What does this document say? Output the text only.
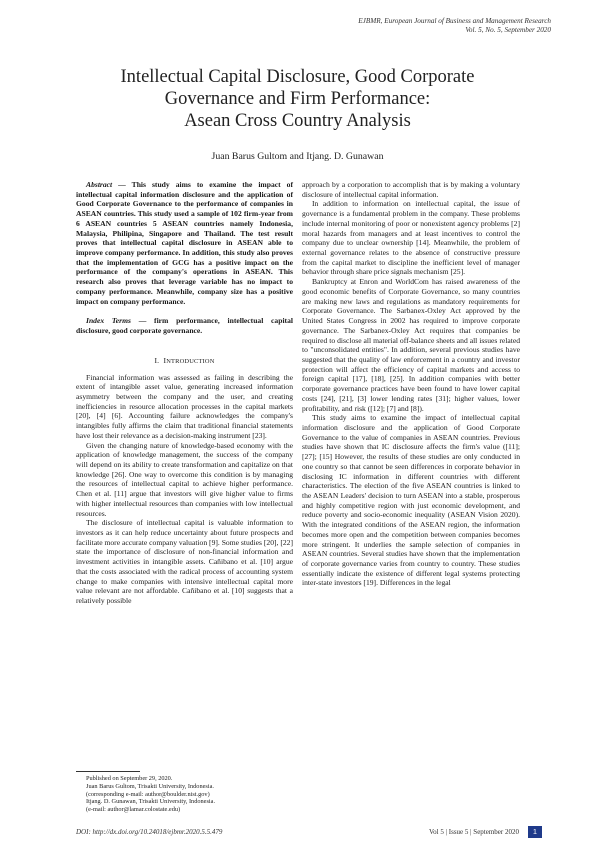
EJBMR, European Journal of Business and Management Research
Vol. 5, No. 5, September 2020
Intellectual Capital Disclosure, Good Corporate
Governance and Firm Performance:
Asean Cross Country Analysis
Juan Barus Gultom and Itjang. D. Gunawan

Abstract — This study aims to examine the impact of intellectual capital information disclosure and the application of Good Corporate Governance to the performance of companies in ASEAN countries. This study used a sample of 102 firm-year from 6 ASEAN countries 5 ASEAN countries namely Indonesia, Malaysia, Philipina, Singapore and Thailand. The test result proves that intellectual capital disclosure in ASEAN able to improve company performance. In addition, this study also proves that the implementation of GCG has a positive impact on the performance of the company's operations in ASEAN. This research also proves that leverage variable has no impact to company performance. Meanwhile, company size has a positive impact on company performance.

Index Terms — firm performance, intellectual capital disclosure, good corporate governance.

I. INTRODUCTION

Financial information was assessed as failing in describing the extent of intangible asset value, generating increased information asymmetry between the company and the user, and creating inefficiencies in resource allocation processes in the capital markets [20], [4] [6]. Accounting failure acknowledges the company's intangibles fully affirms the claim that traditional financial statements have lost their relevance as a decision-making instrument [23].

Given the changing nature of knowledge-based economy with the application of knowledge management, the success of the company will depend on its ability to create transformation and capitalize on that knowledge [26]. One way to overcome this condition is by managing the resources of intellectual capital to achieve higher performance. Chen et al. [11] argue that investors will give higher value to firms with higher intellectual resources than companies with low intellectual resources.

The disclosure of intellectual capital is valuable information to investors as it can help reduce uncertainty about future prospects and facilitate more accurate company valuation [9]. Some studies [20], [22] state the importance of disclosure of non-financial information and investment activities in intangible assets. Cañibano et al. [10] argue that the costs associated with the radical process of accounting system change to make companies with intensive intellectual capital more value relevant are not affordable. Cañibano et al. [10] suggests that a relatively possible

approach by a corporation to accomplish that is by making a voluntary disclosure of intellectual capital information.

In addition to information on intellectual capital, the issue of governance is a fundamental problem in the company. These problems include internal monitoring of poor or nonexistent agency problems [2] moral hazards from managers and at least incentives to control the company due to unclear ownership [14]. Meanwhile, the problem of external governance relates to the absence of constructive pressure from the capital market to discipline the inefficient level of manager behavior through share price signals mechanism [25].

Bankruptcy at Enron and WorldCom has raised awareness of the good economic benefits of Corporate Governance, so many countries are making new laws and regulations as mandatory requirements for Corporate Governance. The Sarbanex-Oxley Act approved by the United States Congress in 2002 has required to improve corporate governance. The Sarbanex-Oxley Act requires that companies be required to disclose all material off-balance sheets and all issues related to "unconsolidated entities". In addition, several previous studies have suggested that the quality of law enforcement in a country and investor protection will affect the efficiency of capital markets and access to foreign capital [17], [18], [25]. In addition companies with better corporate governance practices have been found to have lower capital costs [24], [21], [3] lower lending rates [31]; higher values, lower profitability, and risk ([12]; [7] and [8]).

This study aims to examine the impact of intellectual capital information disclosure and the application of Good Corporate Governance to the value of companies in ASEAN countries. Previous studies have shown that IC disclosure affects the firm's value ([11]; [27]; [15] However, the results of these studies are only conducted in one country so that cannot be seen differences in corporate behavior in disclosing IC information in different countries with different characteristics. The election of the five ASEAN countries is linked to the ASEAN Leaders' decision to turn ASEAN into a stable, prosperous and highly competitive region with just economic development, and reduce poverty and socio-economic inequality (ASEAN Vision 2020). With the integrated conditions of the ASEAN region, the information becomes more open and the competition between companies becomes more stringent. It underlies the sample selection of companies in ASEAN countries. Several studies have shown that the implementation of corporate governance varies from country to country. These studies essentially indicate the existence of different legal systems protecting inter-state investors [19]. Differences in the legal

Published on September 29, 2020.
Juan Barus Gultom, Trisakti University, Indonesia.
(corresponding e-mail: author@boulder.nist.gov)
Itjang. D. Gunawan, Trisakti University, Indonesia.
(e-mail: author@lamar.colostate.edu)
DOI: http://dx.doi.org/10.24018/ejbmr.2020.5.5.479	Vol 5 | Issue 5 | September 2020	1
